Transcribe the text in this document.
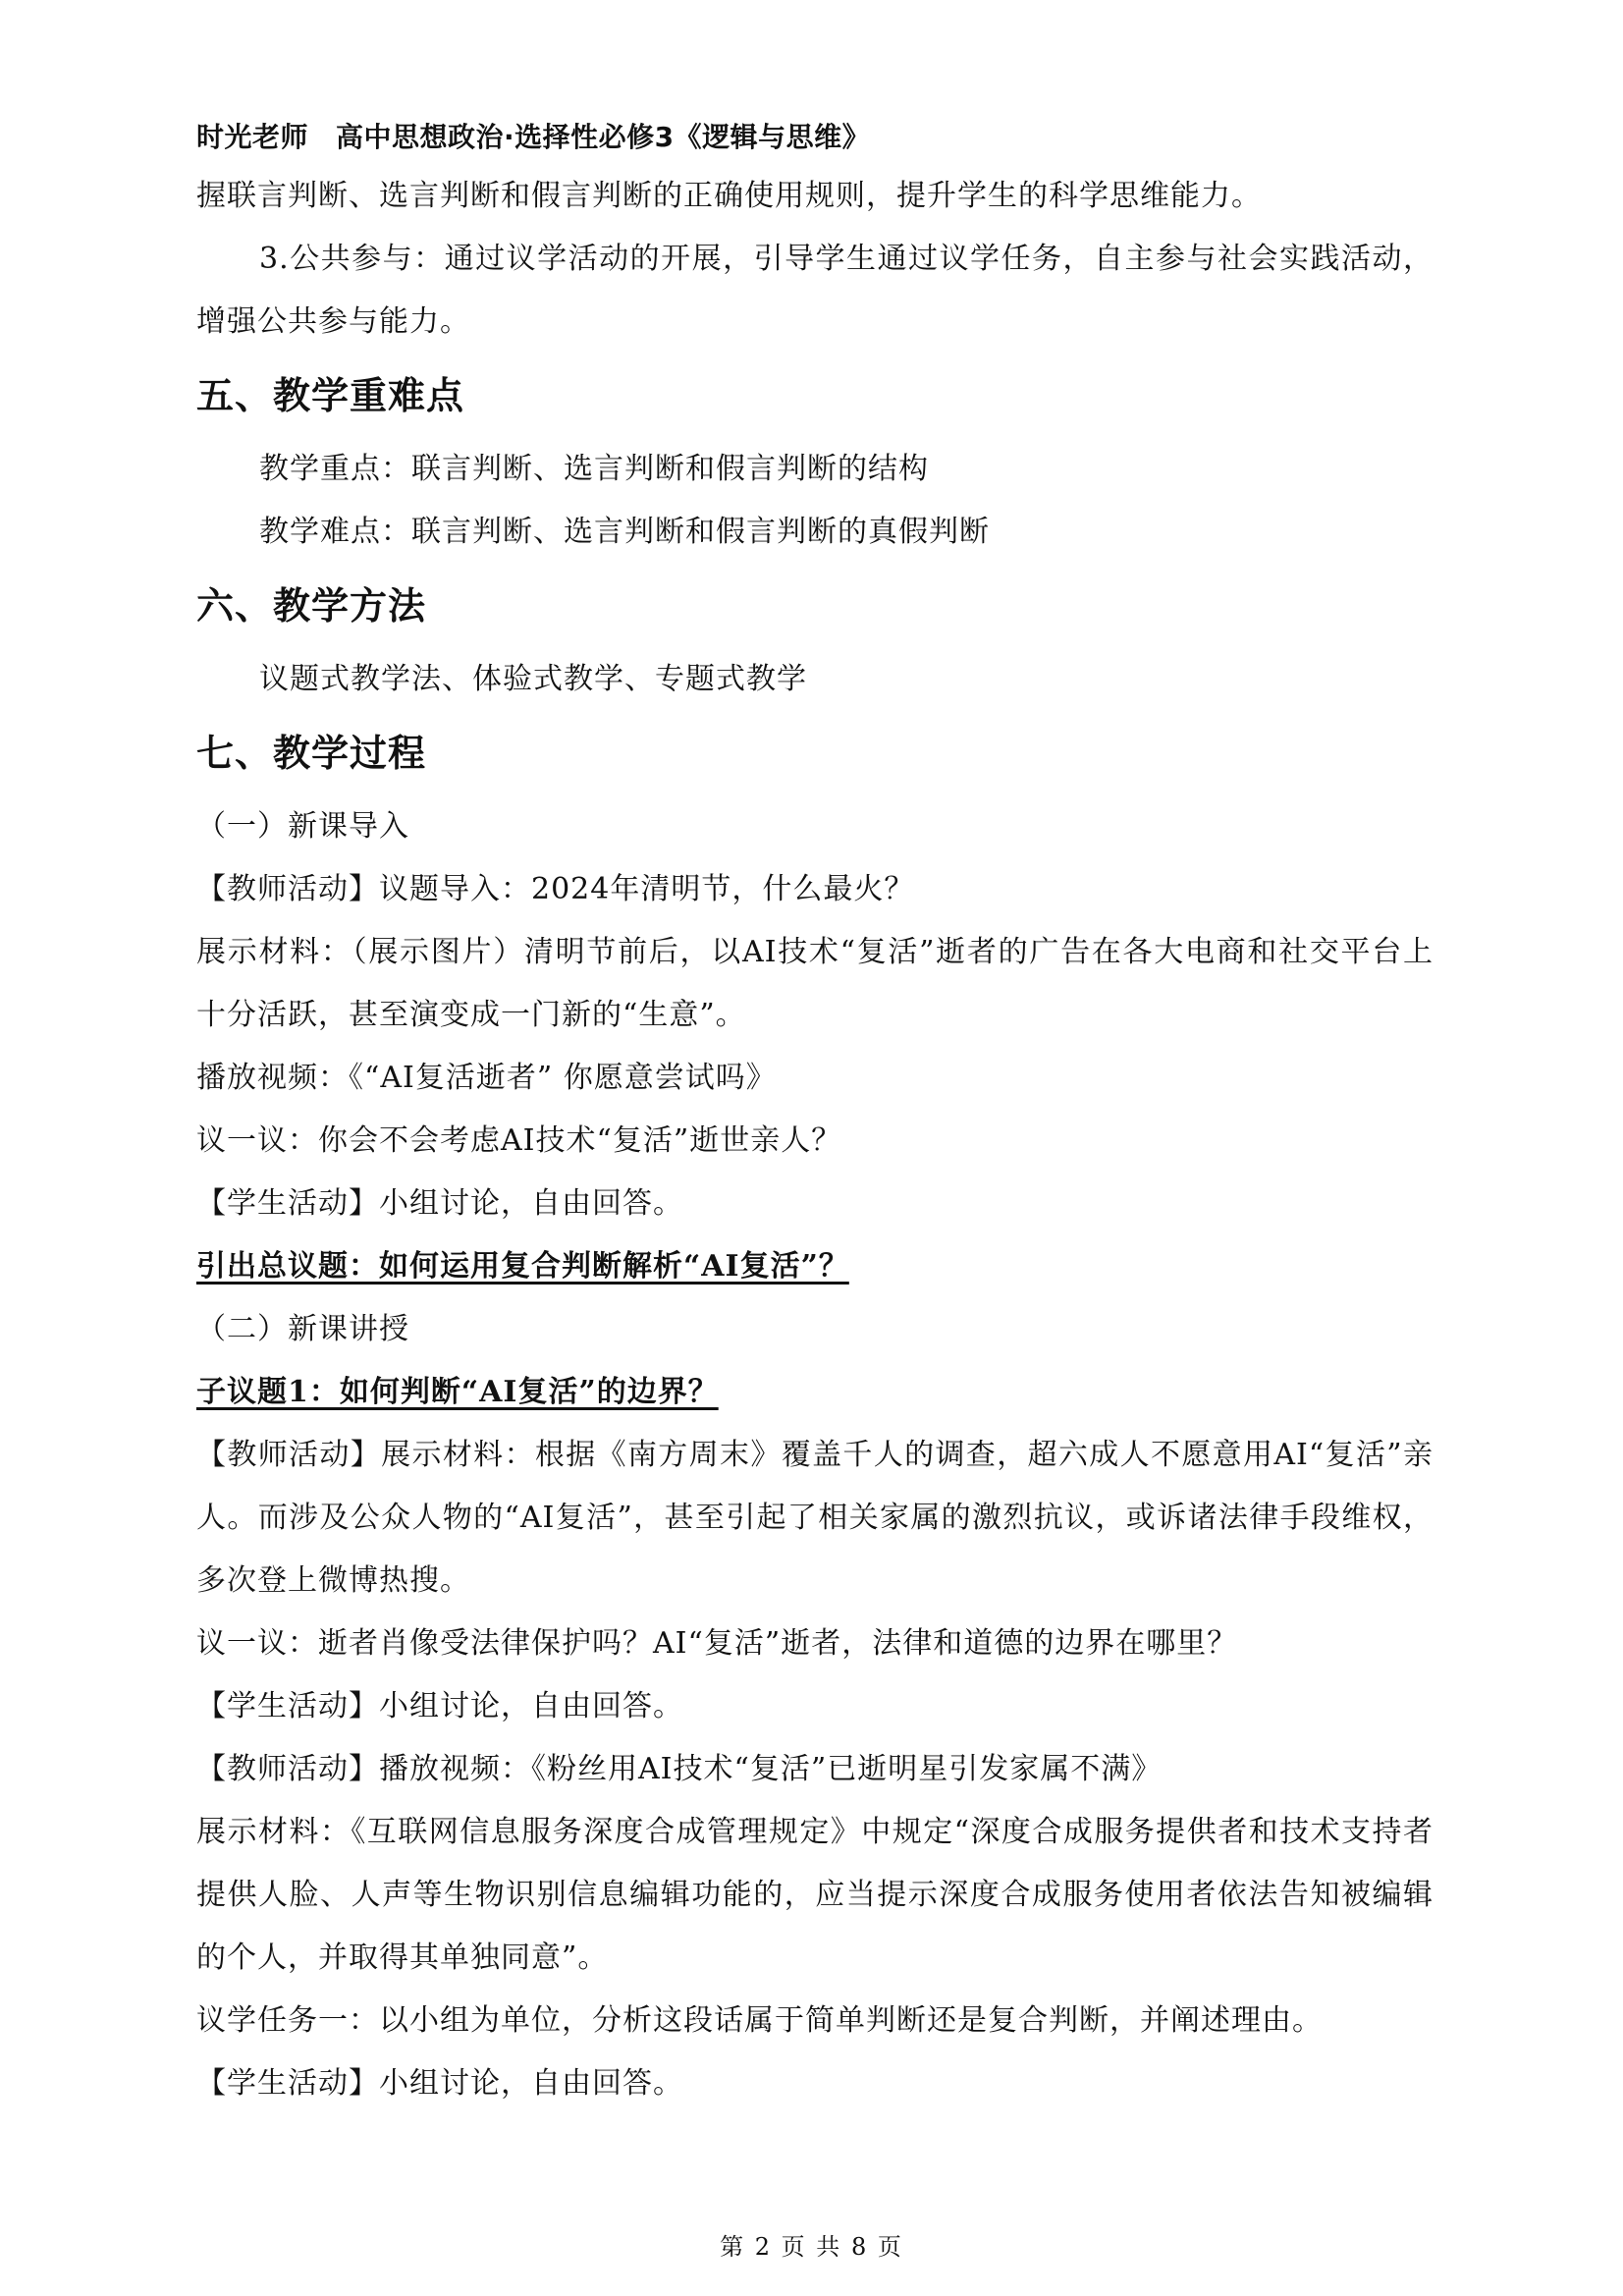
时光老师 高中思想政治·选择性必修3《逻辑与思维》

握联言判断、选言判断和假言判断的正确使用规则，提升学生的科学思维能力。

3.公共参与：通过议学活动的开展，引导学生通过议学任务，自主参与社会实践活动，增强公共参与能力。

五、教学重难点

教学重点：联言判断、选言判断和假言判断的结构

教学难点：联言判断、选言判断和假言判断的真假判断

六、教学方法

议题式教学法、体验式教学、专题式教学

七、教学过程

（一）新课导入

【教师活动】议题导入：2024年清明节，什么最火？

展示材料：（展示图片）清明节前后，以AI技术“复活”逝者的广告在各大电商和社交平台上十分活跃，甚至演变成一门新的“生意”。

播放视频：《“AI复活逝者” 你愿意尝试吗》

议一议：你会不会考虑AI技术“复活”逝世亲人？

【学生活动】小组讨论，自由回答。

引出总议题：如何运用复合判断解析“AI复活”？

（二）新课讲授

子议题1：如何判断“AI复活”的边界？

【教师活动】展示材料：根据《南方周末》覆盖千人的调查，超六成人不愿意用AI“复活”亲人。而涉及公众人物的“AI复活”，甚至引起了相关家属的激烈抗议，或诉诸法律手段维权，多次登上微博热搜。

议一议：逝者肖像受法律保护吗？AI“复活”逝者，法律和道德的边界在哪里？

【学生活动】小组讨论，自由回答。

【教师活动】播放视频：《粉丝用AI技术“复活”已逝明星引发家属不满》

展示材料：《互联网信息服务深度合成管理规定》中规定“深度合成服务提供者和技术支持者提供人脸、人声等生物识别信息编辑功能的，应当提示深度合成服务使用者依法告知被编辑的个人，并取得其单独同意”。

议学任务一：以小组为单位，分析这段话属于简单判断还是复合判断，并阐述理由。

【学生活动】小组讨论，自由回答。

第 2 页 共 8 页
